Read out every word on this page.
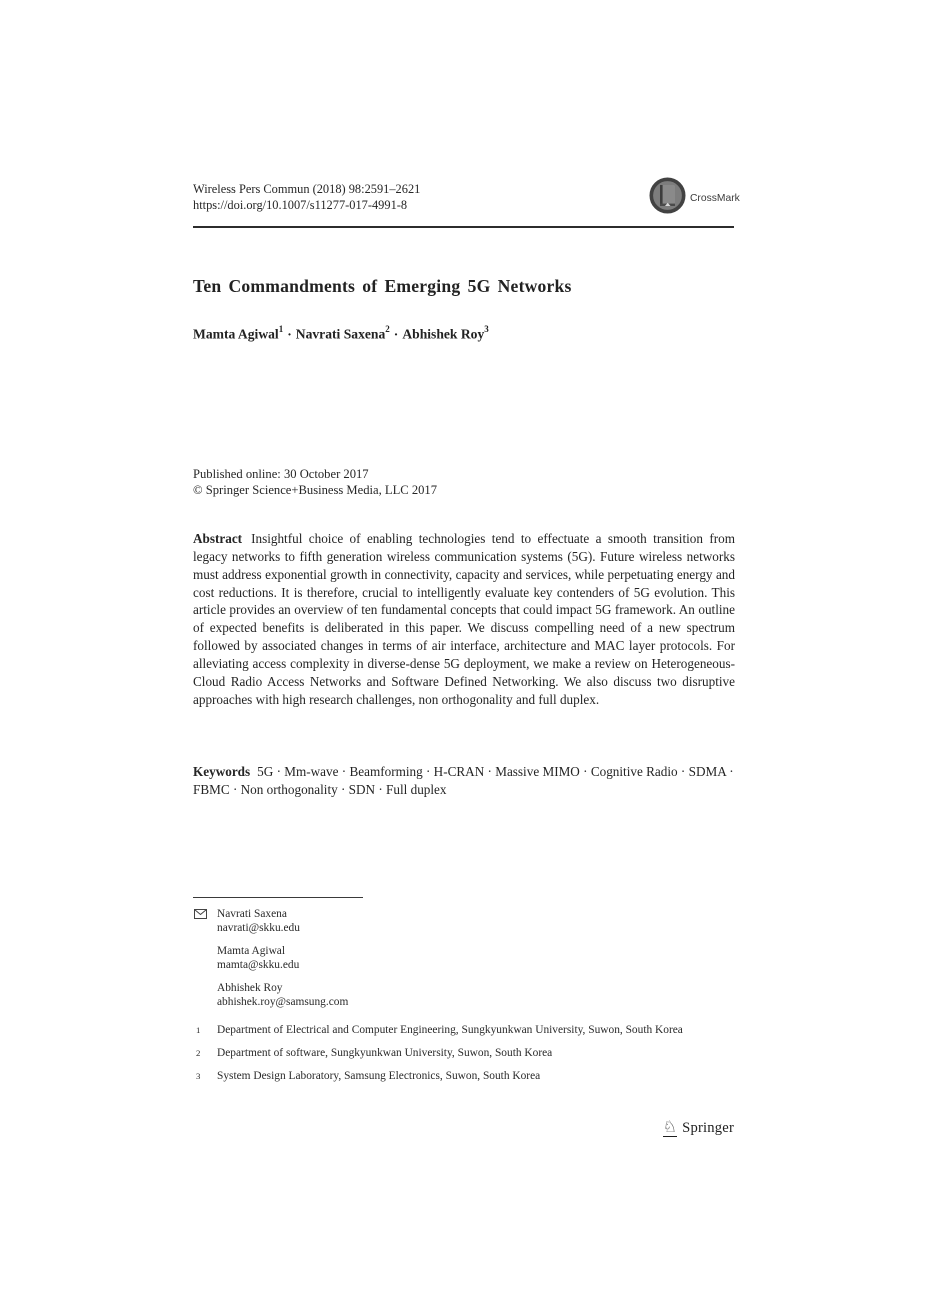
Wireless Pers Commun (2018) 98:2591–2621
https://doi.org/10.1007/s11277-017-4991-8	CrossMark
Ten Commandments of Emerging 5G Networks
Mamta Agiwal$^1$ · Navrati Saxena$^2$ · Abhishek Roy$^3$
Published online: 30 October 2017
© Springer Science+Business Media, LLC 2017

Abstract Insightful choice of enabling technologies tend to effectuate a smooth transition from legacy networks to fifth generation wireless communication systems (5G). Future wireless networks must address exponential growth in connectivity, capacity and services, while perpetuating energy and cost reductions. It is therefore, crucial to intelligently evaluate key contenders of 5G evolution. This article provides an overview of ten fundamental concepts that could impact 5G framework. An outline of expected benefits is deliberated in this paper. We discuss compelling need of a new spectrum followed by associated changes in terms of air interface, architecture and MAC layer protocols. For alleviating access complexity in diverse-dense 5G deployment, we make a review on Heterogeneous-Cloud Radio Access Networks and Software Defined Networking. We also discuss two disruptive approaches with high research challenges, non orthogonality and full duplex.

Keywords 5G · Mm-wave · Beamforming · H-CRAN · Massive MIMO · Cognitive Radio · SDMA · FBMC · Non orthogonality · SDN · Full duplex

Navrati Saxena
navrati@skku.edu
Mamta Agiwal
mamta@skku.edu
Abhishek Roy
abhishek.roy@samsung.com
1 Department of Electrical and Computer Engineering, Sungkyunkwan University, Suwon, South Korea
2 Department of software, Sungkyunkwan University, Suwon, South Korea
3 System Design Laboratory, Samsung Electronics, Suwon, South Korea
♘ Springer
